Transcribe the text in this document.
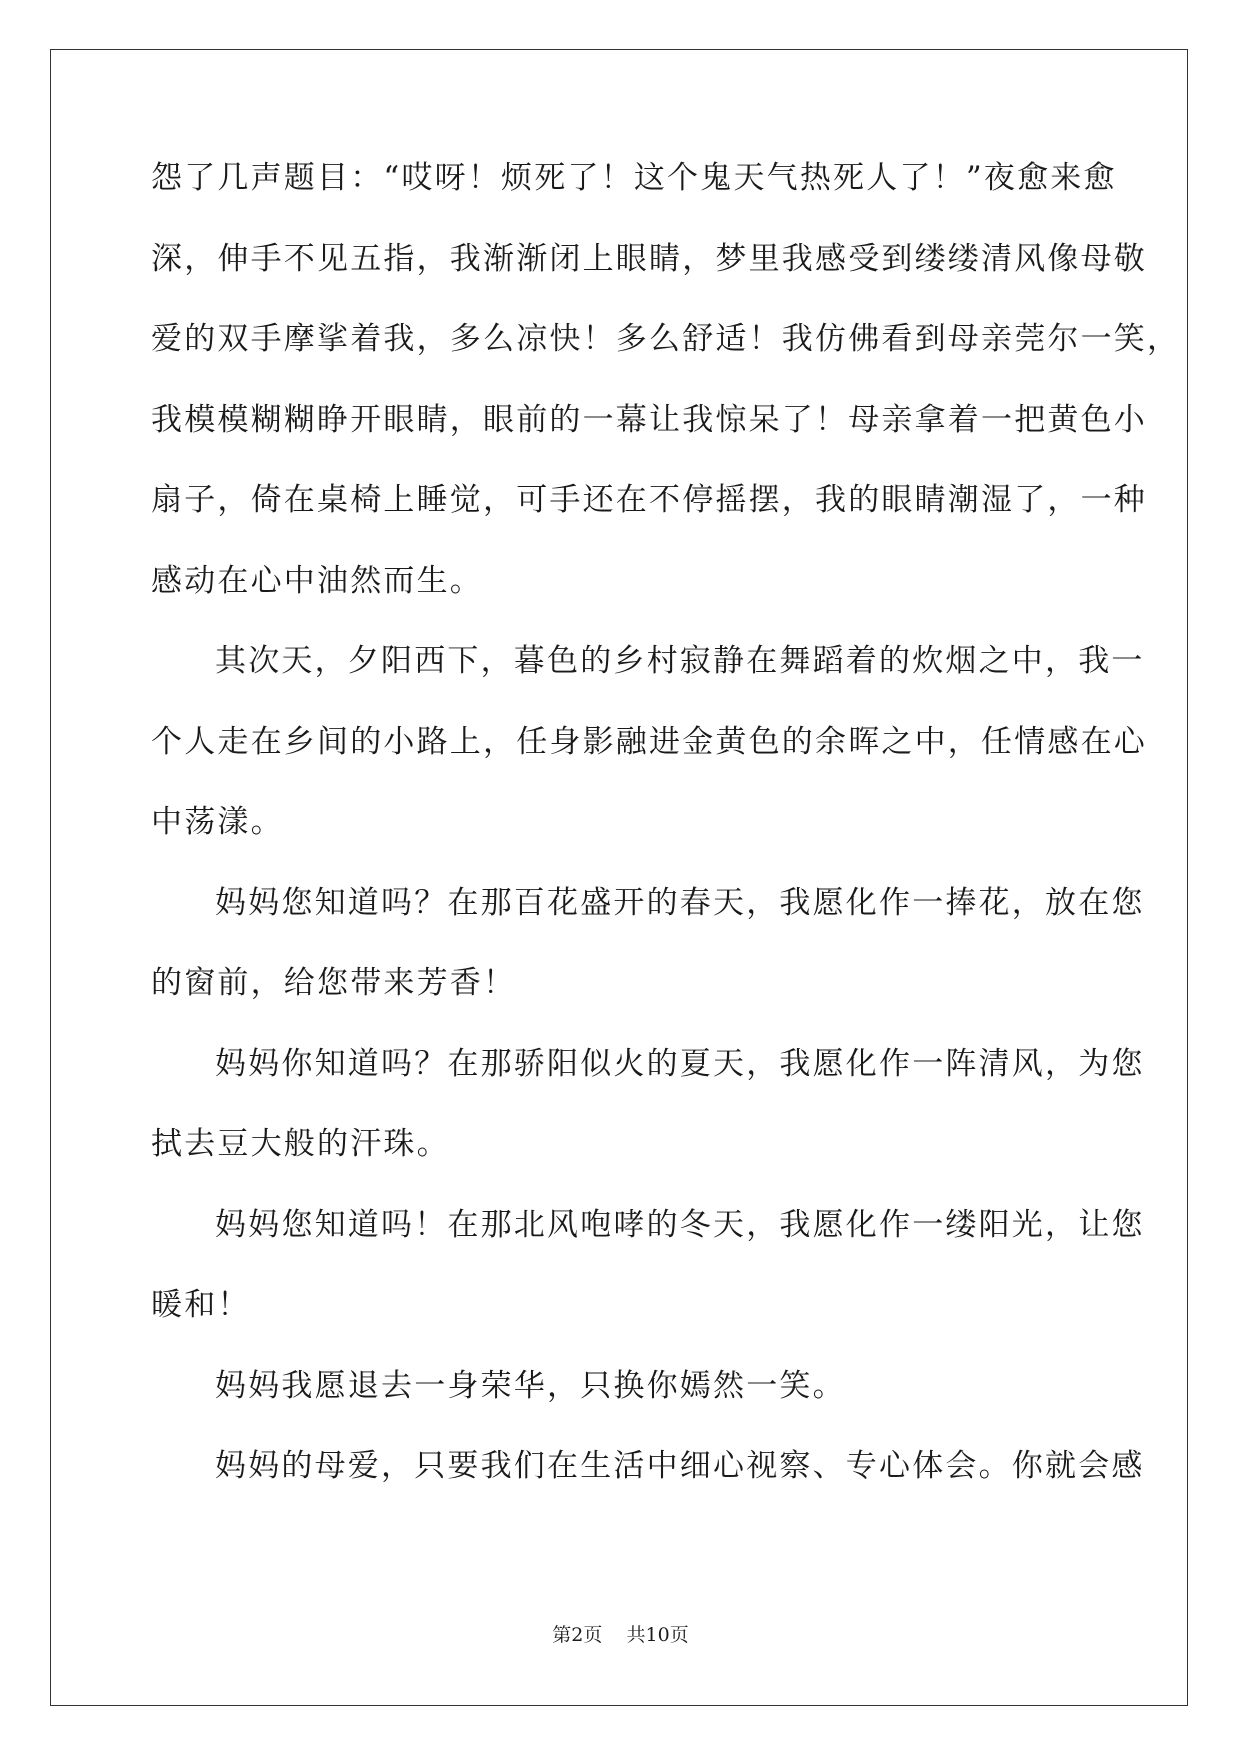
怨了几声题目：“哎呀！烦死了！这个鬼天气热死人了！”夜愈来愈
深，伸手不见五指，我渐渐闭上眼睛，梦里我感受到缕缕清风像母敬
爱的双手摩挲着我，多么凉快！多么舒适！我仿佛看到母亲莞尔一笑，
我模模糊糊睁开眼睛，眼前的一幕让我惊呆了！母亲拿着一把黄色小
扇子，倚在桌椅上睡觉，可手还在不停摇摆，我的眼睛潮湿了，一种
感动在心中油然而生。
其次天，夕阳西下，暮色的乡村寂静在舞蹈着的炊烟之中，我一
个人走在乡间的小路上，任身影融进金黄色的余晖之中，任情感在心
中荡漾。
妈妈您知道吗？在那百花盛开的春天，我愿化作一捧花，放在您
的窗前，给您带来芳香！
妈妈你知道吗？在那骄阳似火的夏天，我愿化作一阵清风，为您
拭去豆大般的汗珠。
妈妈您知道吗！在那北风咆哮的冬天，我愿化作一缕阳光，让您
暖和！
妈妈我愿退去一身荣华，只换你嫣然一笑。
妈妈的母爱，只要我们在生活中细心视察、专心体会。你就会感
第2页 共10页
